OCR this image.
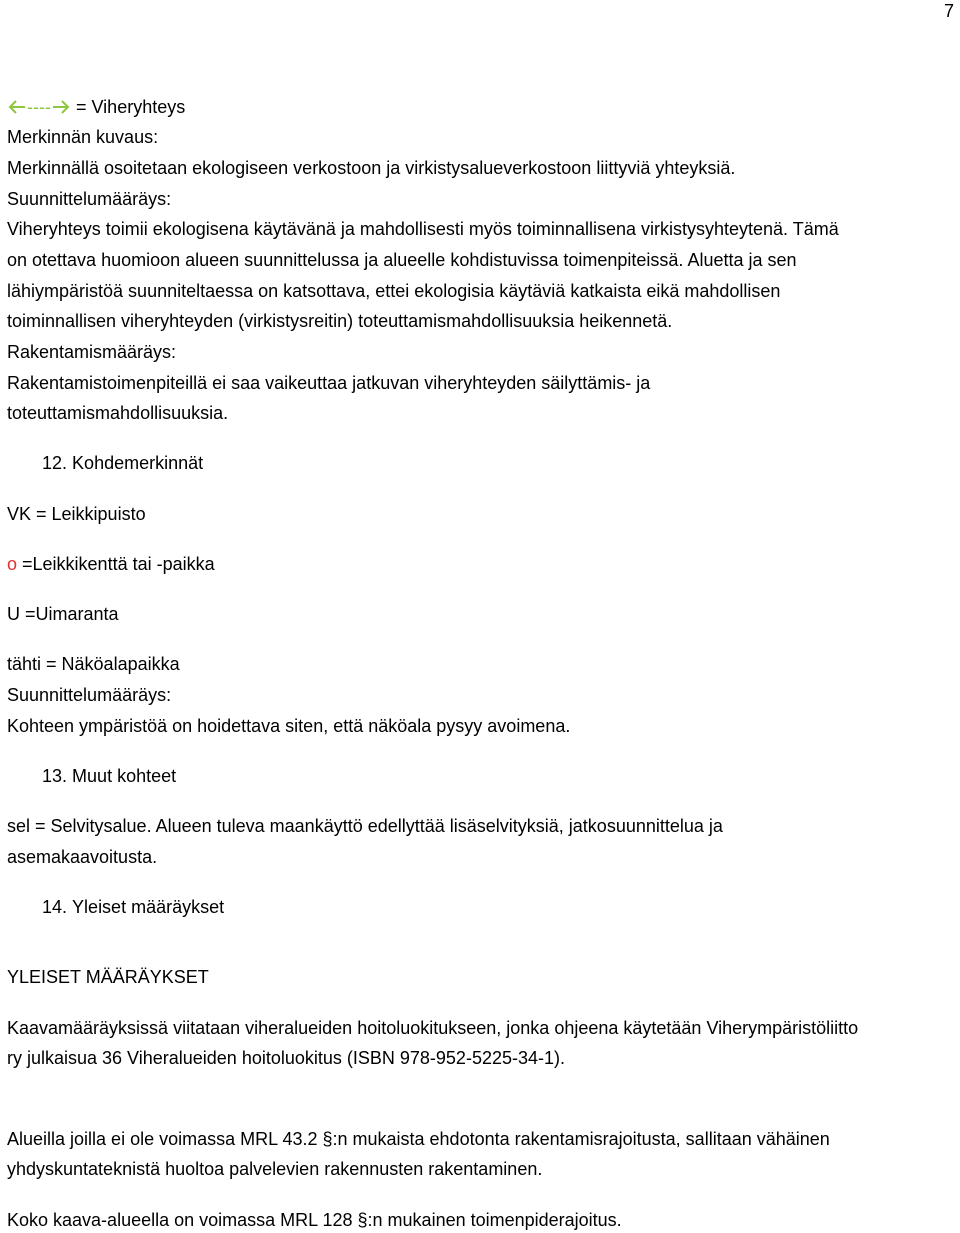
7
---- = Viheryhteys
Merkinnän kuvaus:
Merkinnällä osoitetaan ekologiseen verkostoon ja virkistysalueverkostoon liittyviä yhteyksiä.
Suunnittelumääräys:
Viheryhteys toimii ekologisena käytävänä ja mahdollisesti myös toiminnallisena virkistysyhteytenä. Tämä
on otettava huomioon alueen suunnittelussa ja alueelle kohdistuvissa toimenpiteissä. Aluetta ja sen
lähiympäristöä suunniteltaessa on katsottava, ettei ekologisia käytäviä katkaista eikä mahdollisen
toiminnallisen viheryhteyden (virkistysreitin) toteuttamismahdollisuuksia heikennetä.
Rakentamismääräys:
Rakentamistoimenpiteillä ei saa vaikeuttaa jatkuvan viheryhteyden säilyttämis- ja
toteuttamismahdollisuuksia.
12. Kohdemerkinnät
VK = Leikkipuisto
o =Leikkikenttä tai -paikka
U =Uimaranta
tähti = Näköalapaikka
Suunnittelumääräys:
Kohteen ympäristöä on hoidettava siten, että näköala pysyy avoimena.
13. Muut kohteet
sel = Selvitysalue. Alueen tuleva maankäyttö edellyttää lisäselvityksiä, jatkosuunnittelua ja
asemakaavoitusta.
14. Yleiset määräykset
YLEISET MÄÄRÄYKSET
Kaavamääräyksissä viitataan viheralueiden hoitoluokitukseen, jonka ohjeena käytetään Viherympäristöliitto
ry julkaisua 36 Viheralueiden hoitoluokitus (ISBN 978-952-5225-34-1).
Alueilla joilla ei ole voimassa MRL 43.2 §:n mukaista ehdotonta rakentamisrajoitusta, sallitaan vähäinen
yhdyskuntateknistä huoltoa palvelevien rakennusten rakentaminen.
Koko kaava-alueella on voimassa MRL 128 §:n mukainen toimenpiderajoitus.
